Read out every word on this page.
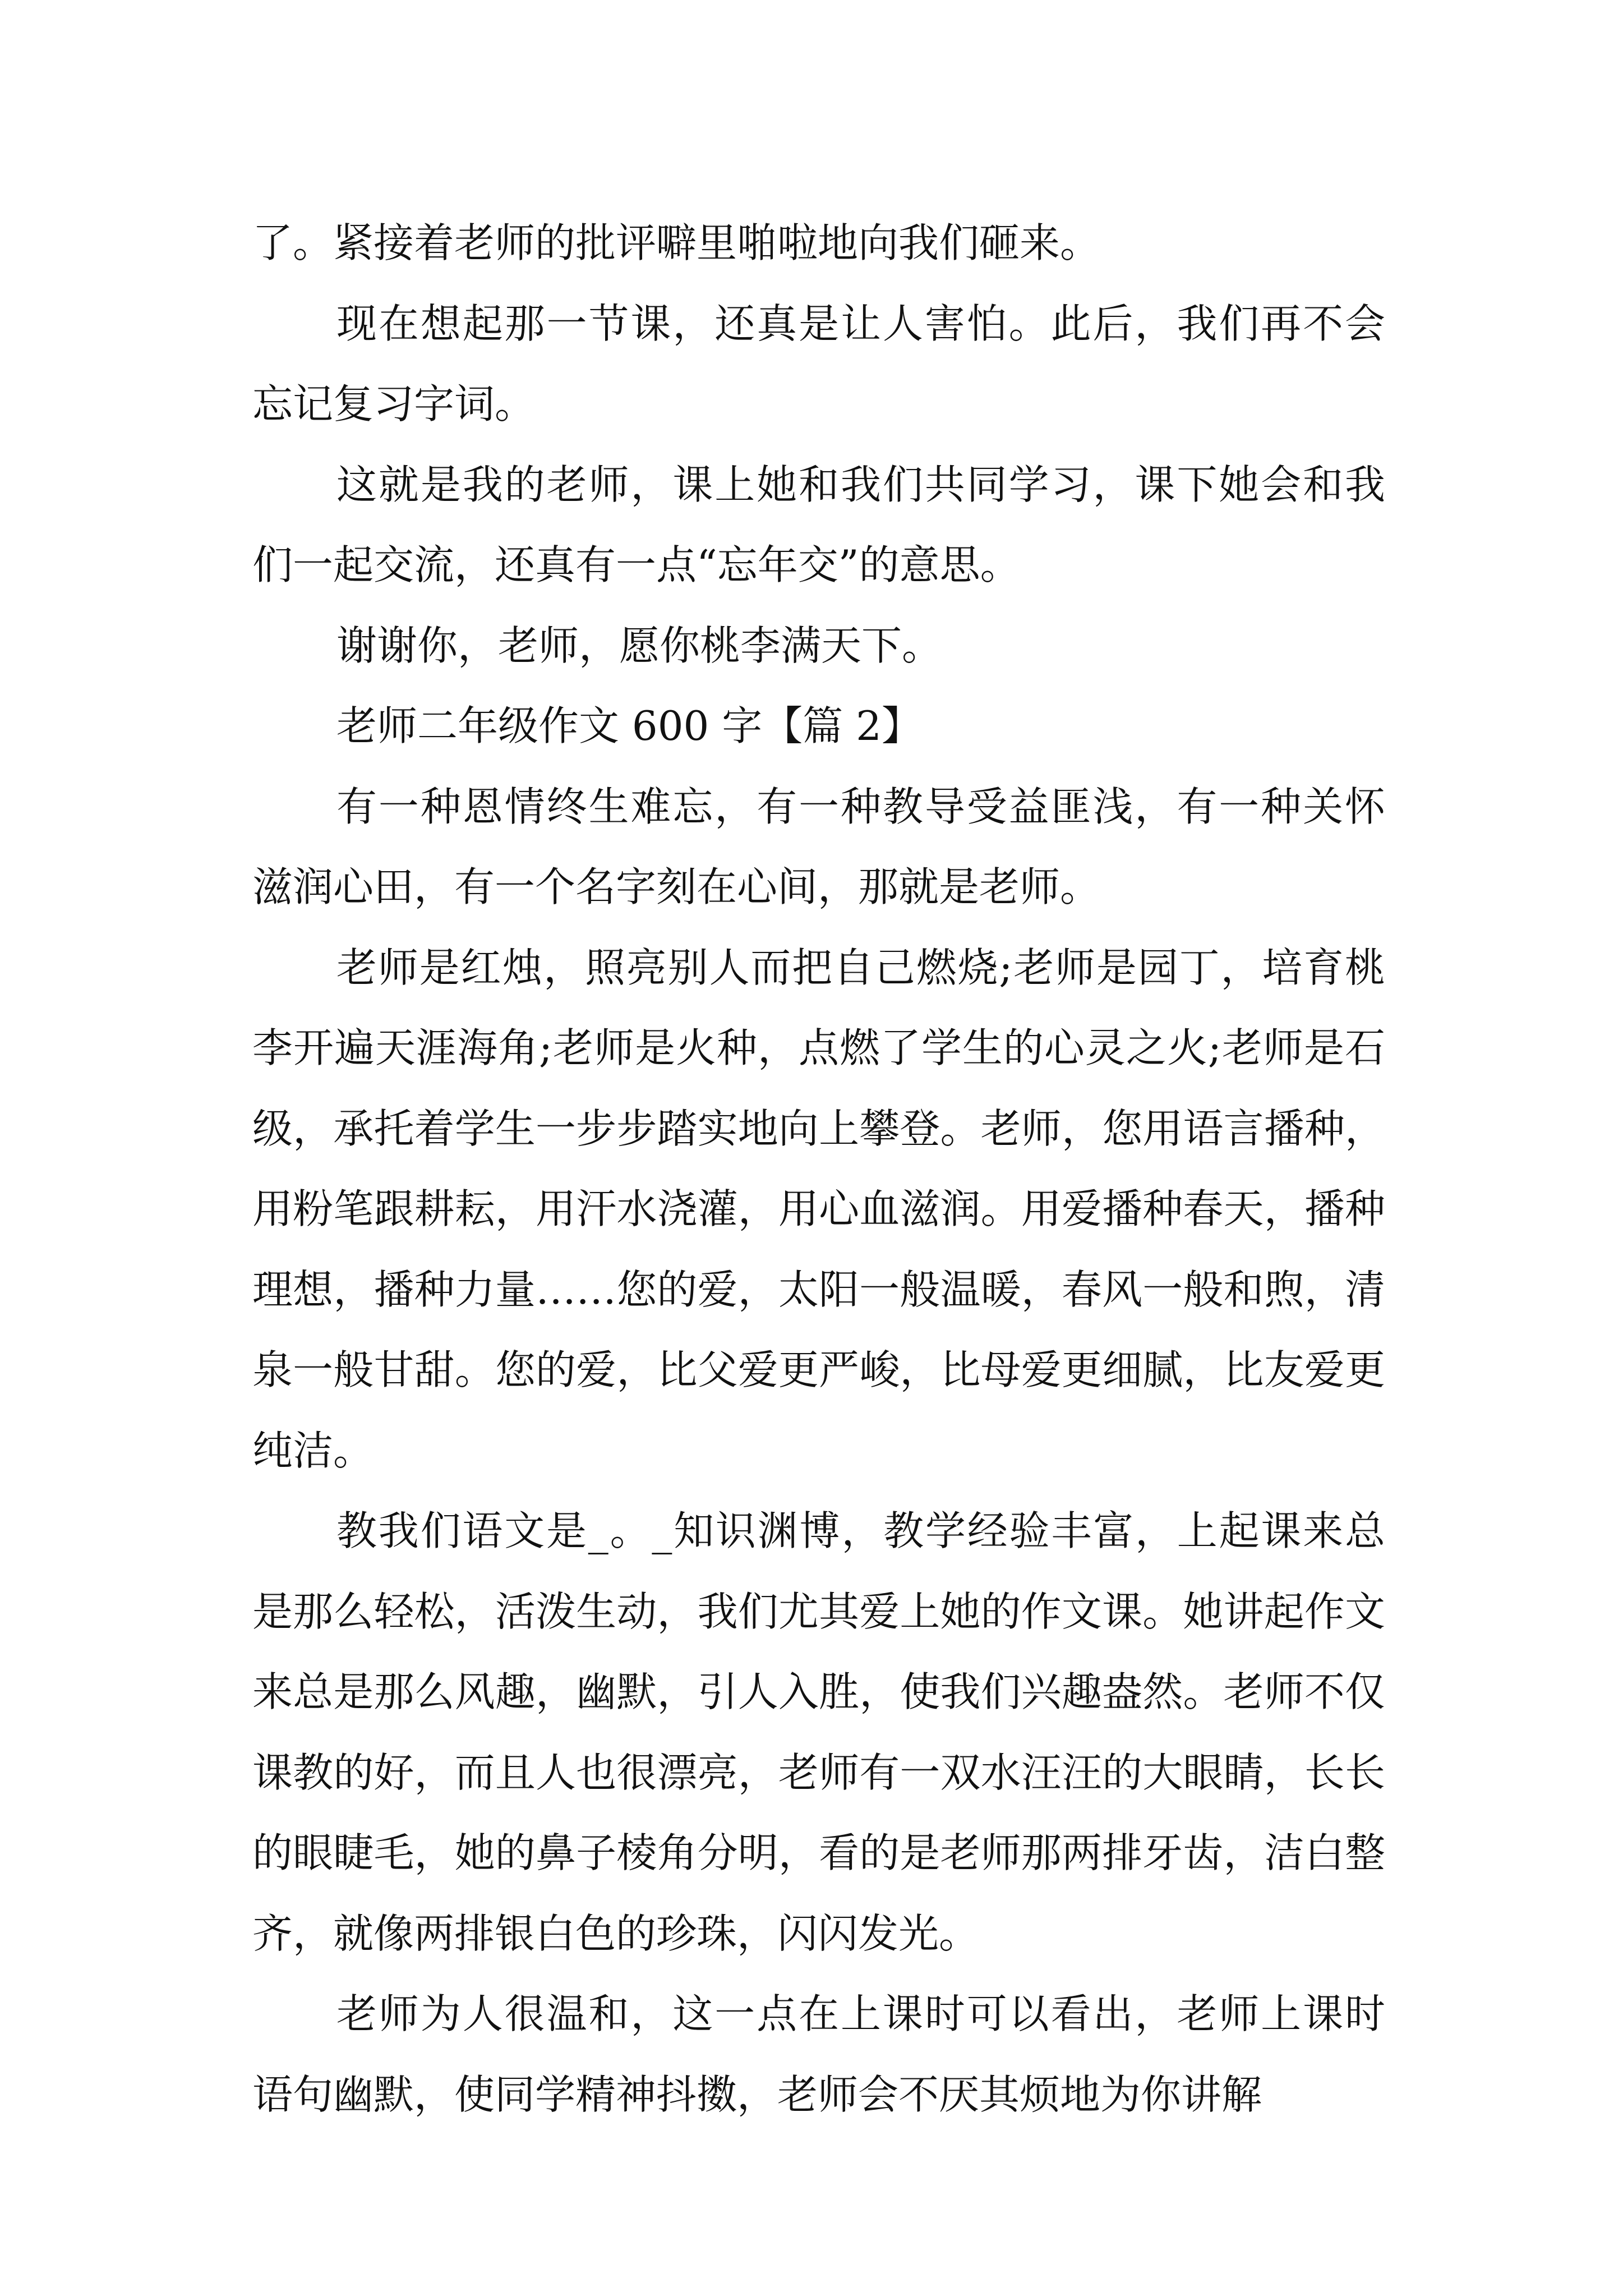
了。紧接着老师的批评噼里啪啦地向我们砸来。

现在想起那一节课，还真是让人害怕。此后，我们再不会忘记复习字词。

这就是我的老师，课上她和我们共同学习，课下她会和我们一起交流，还真有一点“忘年交”的意思。

谢谢你，老师，愿你桃李满天下。

老师二年级作文 600 字【篇 2】

有一种恩情终生难忘，有一种教导受益匪浅，有一种关怀滋润心田，有一个名字刻在心间，那就是老师。

老师是红烛，照亮别人而把自己燃烧;老师是园丁，培育桃李开遍天涯海角;老师是火种，点燃了学生的心灵之火;老师是石级，承托着学生一步步踏实地向上攀登。老师，您用语言播种，用粉笔跟耕耘，用汗水浇灌，用心血滋润。用爱播种春天，播种理想，播种力量……您的爱，太阳一般温暖，春风一般和煦，清泉一般甘甜。您的爱，比父爱更严峻，比母爱更细腻，比友爱更纯洁。

教我们语文是_。_知识渊博，教学经验丰富，上起课来总是那么轻松，活泼生动，我们尤其爱上她的作文课。她讲起作文来总是那么风趣，幽默，引人入胜，使我们兴趣盎然。老师不仅课教的好，而且人也很漂亮，老师有一双水汪汪的大眼睛，长长的眼睫毛，她的鼻子棱角分明，看的是老师那两排牙齿，洁白整齐，就像两排银白色的珍珠，闪闪发光。

老师为人很温和，这一点在上课时可以看出，老师上课时语句幽默，使同学精神抖擞，老师会不厌其烦地为你讲解
